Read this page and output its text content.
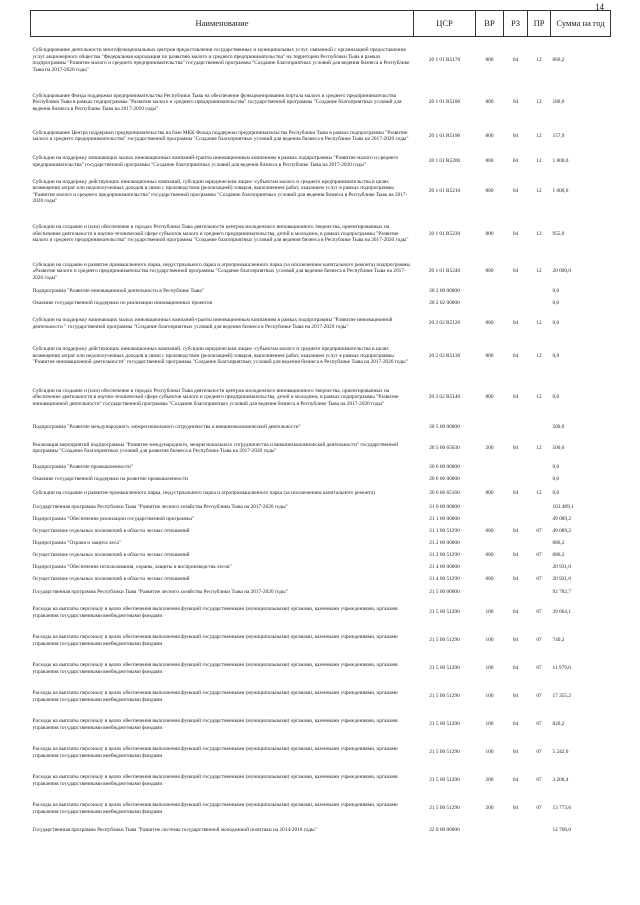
14
Наименование	ЦСР	ВР	РЗ	ПР	Сумма на год
Субсидирование деятельности многофункциональных центров предоставления государственных и муниципальных услуг, связанной с организацией предоставления услуг акционерного общества "Федеральная корпорация по развитию малого и среднего предпринимательства" на территории Республики Тыва в рамках подпрограммы "Развитие малого и среднего предпринимательства" государственной программы "Создание благоприятных условий для ведения бизнеса в Республике Тыва на 2017-2020 годы"	20 1 01 R5170	800	04	12	660,2
Субсидирование Фонда поддержки предпринимательства Республики Тыва на обеспечение функционирования портала малого и среднего предпринимательства Республики Тыва в рамках подпрограммы "Развитие малого и среднего предпринимательства" государственной программы "Создание благоприятных условий для ведения бизнеса в Республике Тыва на 2017-2020 годы"	20 1 01 R5180	800	04	12	180,0
Субсидирование Центра поддержки предпринимательства на базе МКК Фонда поддержки предпринимательства Республики Тыва в рамках подпрограммы "Развитие малого и среднего предпринимательства" государственной программы "Создание благоприятных условий для ведения бизнеса в Республике Тыва на 2017-2020 годы"	20 1 01 R5190	800	04	12	157,9
Субсидии на поддержку начинающих малых инновационных компаний-гранты инновационным компаниям в рамках подпрограммы "Развитие малого и среднего предпринимательства" государственной программы "Создание благоприятных условий для ведения бизнеса в Республике Тыва на 2017-2020 годы"	20 1 01 R5200	800	04	12	1 000,0
Субсидии на поддержку действующих инновационных компаний, субсидии юридическим лицам -субъектам малого и среднего предпринимательства в целях возмещения затрат или недополученных доходов в связи с производством (реализацией) товаров, выполнением работ, оказанием услуг в рамках подпрограммы "Развитие малого и среднего предпринимательства" государственной программы "Создание благоприятных условий для ведения бизнеса в Республике Тыва на 2017-2020 годы"	20 1 01 R5210	800	04	12	1 000,0
Субсидии на создание и (или) обеспечение в городах Республики Тыва деятельности центров молодежного инновационного творчества, ориентированных на обеспечение деятельности в научно-технической сфере субъектов малого и среднего предпринимательства, детей и молодежи, в рамках подпрограммы "Развитие малого и среднего предпринимательства" государственной программы "Создание благоприятных условий для ведения бизнеса в Республике Тыва на 2017-2020 годы"	20 1 01 R5230	800	04	12	955,0
Субсидии на создание и развитие промышленного парка, индустриального парка и агропромышленного парка (за исключением капитального ремонта) подпрограммы «Развитие малого и среднего предпринимательства государственной программы "Создание благоприятных условий для ведения бизнеса в Республике Тыва на 2017-2020 годы"	20 1 01 R5240	800	04	12	20 000,0
Подпрограмма "Развитие инновационной деятельности в Республике Тыва"	20 2 00 00000				0,0
Оказание государственной поддержки по реализации инновационных проектов	20 2 02 00000				0,0
Субсидии на поддержку начинающих малых инновационных компаний-гранты инновационным компаниям в рамках подпрограммы "Развитие инновационной деятельности " государственной программы "Создание благоприятных условий для ведения бизнеса в Республике Тыва на 2017-2020 годы"	20 2 02 R5120	800	04	12	0,0
Субсидии на поддержку действующих инновационных компаний, субсидии юридическим лицам -субъектам малого и среднего предпринимательства в целях возмещения затрат или недополученных доходов в связи с производством (реализацией) товаров, выполнением работ, оказанием услуг в рамках подпрограммы "Развитие инновационной деятельности" государственной программы "Создание благоприятных условий для ведения бизнеса в Республике Тыва на 2017-2020 годы"	20 2 02 R5130	800	04	12	0,0
Субсидии на создание и (или) обеспечение в городах Республики Тыва деятельности центров молодежного инновационного творчества, ориентированных на обеспечение деятельности в научно-технической сфере субъектов малого и среднего предпринимательства, детей и молодежи, в рамках подпрограммы "Развитие инновационной деятельности" государственной программы "Создание благоприятных условий для ведения бизнеса в Республике Тыва на 2017-2020 годы"	20 2 02 R5140	800	04	12	0,0
Подпрограмма "Развитие международного, межрегионального сотрудничества и внешнеэкономической деятельности"	20 5 00 00000				500,0
Реализация мероприятий подпрограммы "Развитие международного, межрегионального сотрудничества и внешнеэкономической деятельности" государственной программы "Создание благоприятных условий для развития бизнеса в Республике Тыва на 2017-2020 годы"	20 5 00 65030	200	04	12	500,0
Подпрограмма "Развитие промышленности"	20 6 00 00000				0,0
Оказание государственной поддержки на развитие промышленности	20 6 06 00000				0,0
Субсидии на создание и развитие промышленного парка, индустриального парка и агропромышленного парка (за исключением капитального ремонта)	20 6 06 65160	800	04	12	0,0
Государственная программа Республики Тыва "Развитие лесного хозяйства Республики Тыва на 2017-2020 годы"	21 0 00 00000				163 489,1
Подпрограмма "Обеспечение реализации государственной программы"	21 1 00 00000				49 089,2
Осуществление отдельных полномочий в области лесных отношений	21 1 00 51290	600	04	07	49 089,2
Подпрограмма "Охрана и защита леса"	21 2 00 00000				686,2
Осуществление отдельных полномочий в области лесных отношений	21 2 00 51290	600	04	07	686,2
Подпрограмма "Обеспечение использования, охраны, защиты и воспроизводства лесов"	21 4 00 00000				20 931,0
Осуществление отдельных полномочий в области лесных отношений	21 4 00 51290	600	04	07	20 931,0
Государственная программа Республики Тыва "Развитие лесного хозяйства Республики Тыва на 2017-2020 годы"	21 5 00 00000				92 782,7
Расходы на выплаты персоналу в целях обеспечения выполнения функций государственными (муниципальными) органами, казенными учреждениями, органами управления государственными внебюджетными фондами	21 5 00 51290	100	04	07	39 664,1
Расходы на выплаты персоналу в целях обеспечения выполнения функций государственными (муниципальными) органами, казенными учреждениями, органами управления государственными внебюджетными фондами	21 5 00 51290	100	04	07	740,2
Расходы на выплаты персоналу в целях обеспечения выполнения функций государственными (муниципальными) органами, казенными учреждениями, органами управления государственными внебюджетными фондами	21 5 00 51290	100	04	07	11 979,0
Расходы на выплаты персоналу в целях обеспечения выполнения функций государственными (муниципальными) органами, казенными учреждениями, органами управления государственными внебюджетными фондами	21 5 00 51290	100	04	07	17 355,2
Расходы на выплаты персоналу в целях обеспечения выполнения функций государственными (муниципальными) органами, казенными учреждениями, органами управления государственными внебюджетными фондами	21 5 00 51290	100	04	07	820,2
Расходы на выплаты персоналу в целях обеспечения выполнения функций государственными (муниципальными) органами, казенными учреждениями, органами управления государственными внебюджетными фондами	21 5 00 51290	100	04	07	5 242,0
Расходы на выплаты персоналу в целях обеспечения выполнения функций государственными (муниципальными) органами, казенными учреждениями, органами управления государственными внебюджетными фондами	21 5 00 51290	200	04	07	3 208,4
Расходы на выплаты персоналу в целях обеспечения выполнения функций государственными (муниципальными) органами, казенными учреждениями, органами управления государственными внебюджетными фондами	21 5 00 51290	200	04	07	13 773,6
Государственная программа Республики Тыва "Развитие системы государственной молодежной политики на 2014-2018 годы"	22 0 00 00000				12 700,0
